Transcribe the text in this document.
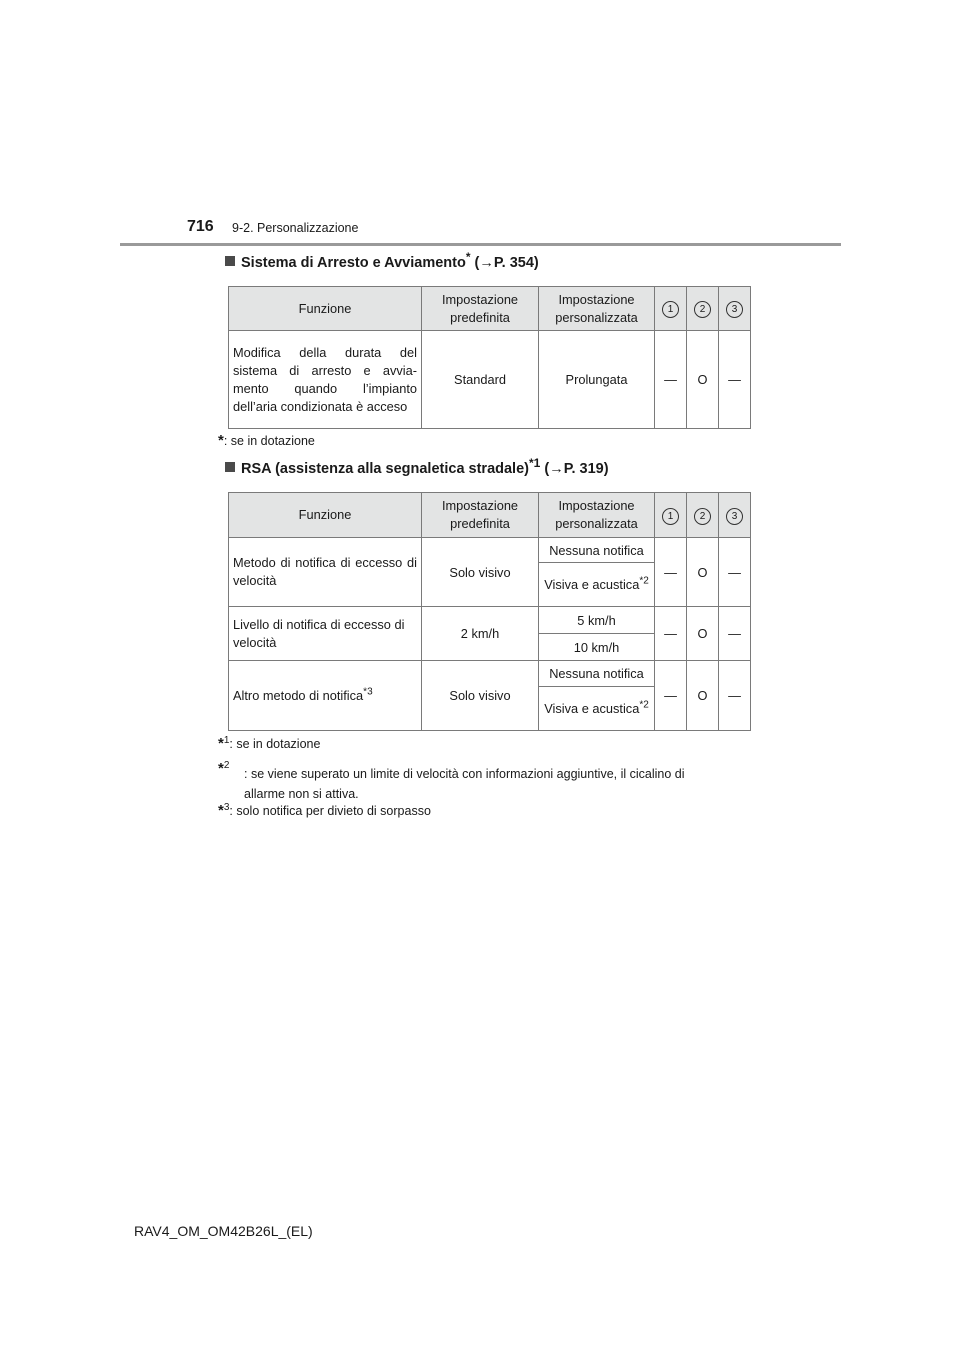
716 9-2. Personalizzazione
Sistema di Arresto e Avviamento* (→P. 354)
Funzione	Impostazione predefinita	Impostazione personalizzata	1	2	3
Modifica della durata del sistema di arresto e avvia-mento quando l’impianto dell’aria condizionata è acceso	Standard	Prolungata	—	O	—
*: se in dotazione
RSA (assistenza alla segnaletica stradale)$^{*1}$ (→P. 319)
Funzione	Impostazione predefinita	Impostazione personalizzata	1	2	3
Metodo di notifica di eccesso di velocità	Solo visivo	Nessuna notifica	—	O	—
		Visiva e acustica$^{*2}$
Livello di notifica di eccesso di velocità	2 km/h	5 km/h	—	O	—
		10 km/h			
Altro metodo di notifica$^{*3}$	Solo visivo	Nessuna notifica	—	O	—
		Visiva e acustica$^{*2}$
*$^1$: se in dotazione
*$^2$
: se viene superato un limite di velocità con informazioni aggiuntive, il cicalino di
allarme non si attiva.
*$^3$: solo notifica per divieto di sorpasso
RAV4_OM_OM42B26L_(EL)
